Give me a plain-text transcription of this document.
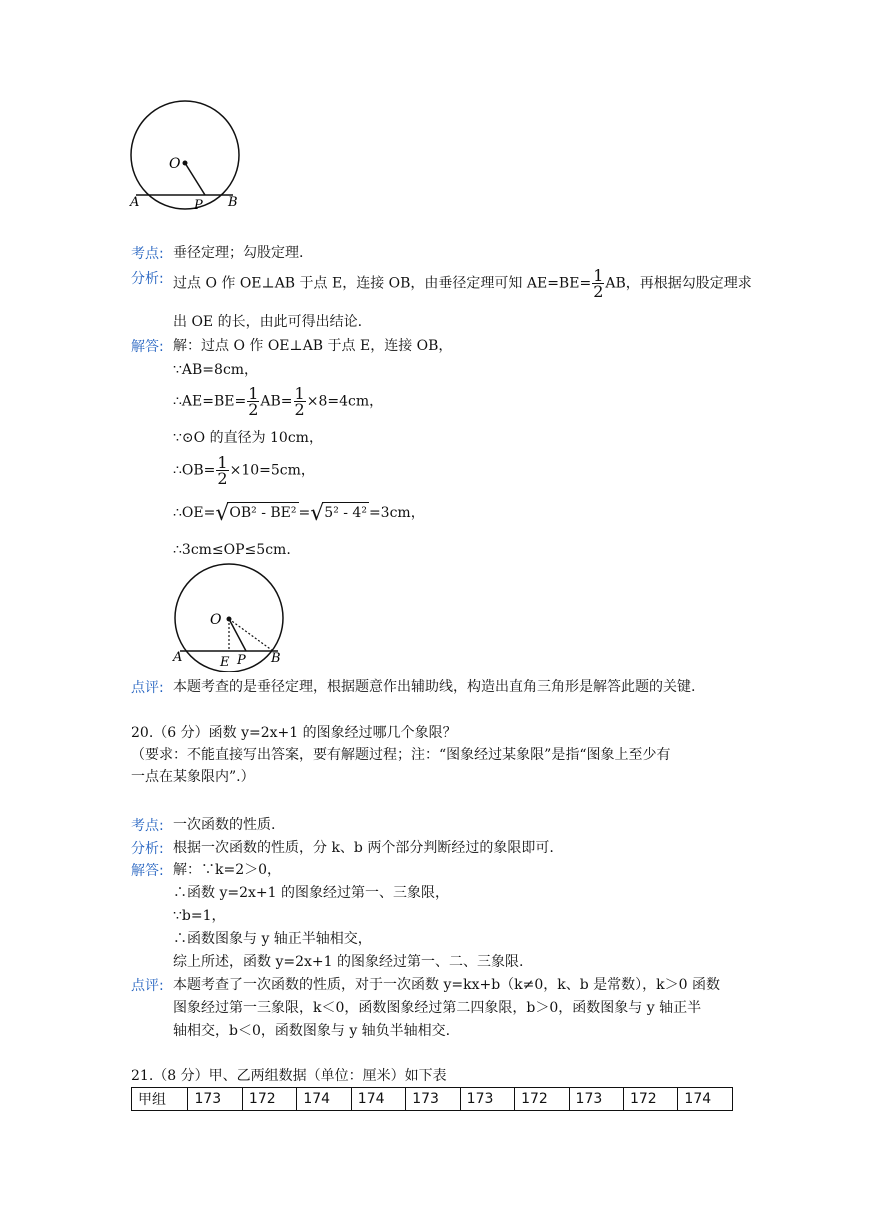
O
A	P B
考点: 垂径定理；勾股定理.
分析: 过点 O 作 OE⊥AB 于点 E，连接 OB，由垂径定理可知 $AE=BE= \frac{1}{2}$ AB，再根据勾股定理求
出 OE 的长，由此可得出结论.
解答: 解：过点 O 作 OE⊥AB 于点 E，连接 OB，
∵AB=8cm，
∴AE=BE= $\frac{1}{2} AB= \frac{1}{2} \times 8=4cm$，
∵⊙O 的直径为 10cm，
∴OB= $\frac{1}{2} \times 10=5cm$，
∴OE=√OB² - BE² =√5² - 4² =3cm，
∴3cm≤OP≤5cm.
O
A	E P B
点评: 本题考查的是垂径定理，根据题意作出辅助线，构造出直角三角形是解答此题的关键.
20.（6 分）函数 y=2x+1 的图象经过哪几个象限？
（要求：不能直接写出答案，要有解题过程；注：“图象经过某象限”是指“图象上至少有
一点在某象限内”.）
考点: 一次函数的性质.
分析: 根据一次函数的性质，分 k、b 两个部分判断经过的象限即可.
解答: 解：∵k=2＞0，
∴函数 y=2x+1 的图象经过第一、三象限，
∵b=1，
∴函数图象与 y 轴正半轴相交，
综上所述，函数 y=2x+1 的图象经过第一、二、三象限.
点评: 本题考查了一次函数的性质，对于一次函数 y=kx+b（k≠0，k、b 是常数），k＞0 函数
图象经过第一三象限，k＜0，函数图象经过第二四象限，b＞0，函数图象与 y 轴正半
轴相交，b＜0，函数图象与 y 轴负半轴相交.
21.（8 分）甲、乙两组数据（单位：厘米）如下表
甲组	173	172	174	174	173	173	172	173	172	174
